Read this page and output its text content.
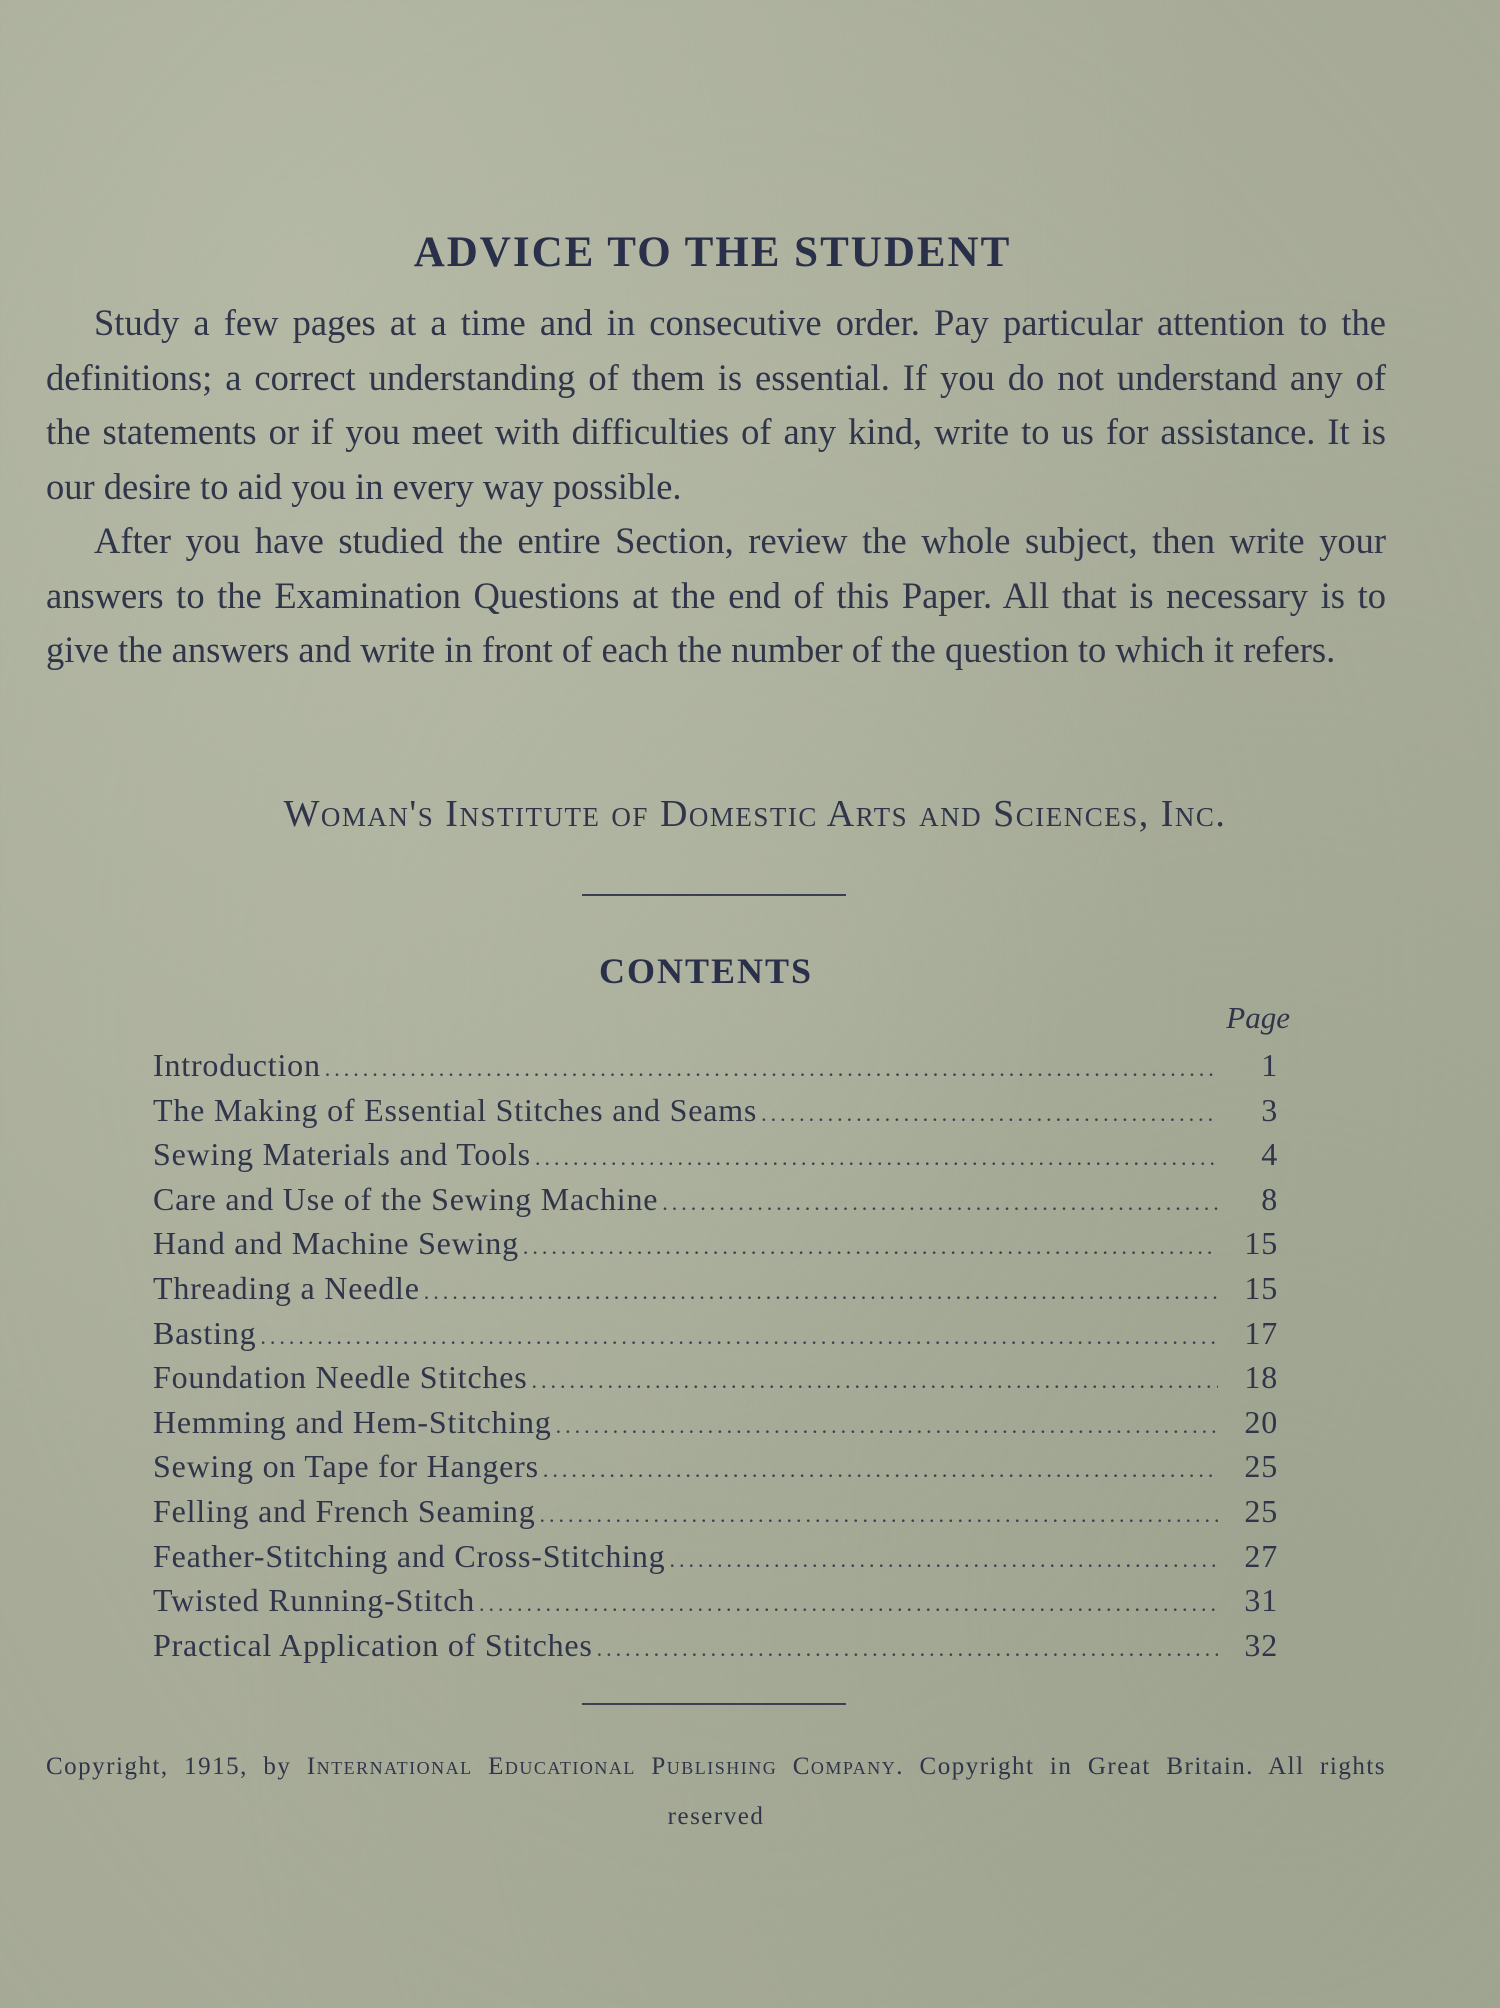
ADVICE TO THE STUDENT

Study a few pages at a time and in consecutive order. Pay particular attention to the definitions; a correct understanding of them is essential. If you do not understand any of the statements or if you meet with difficulties of any kind, write to us for assistance. It is our desire to aid you in every way possible.

After you have studied the entire Section, review the whole subject, then write your answers to the Examination Questions at the end of this Paper. All that is necessary is to give the answers and write in front of each the number of the question to which it refers.

Woman's Institute of Domestic Arts and Sciences, Inc.
CONTENTS
Page
Introduction .....	1
The Making of Essential Stitches and Seams .....	3
Sewing Materials and Tools .....	4
Care and Use of the Sewing Machine .....	8
Hand and Machine Sewing .....	15
Threading a Needle .....	15
Basting .....	17
Foundation Needle Stitches .....	18
Hemming and Hem-Stitching .....	20
Sewing on Tape for Hangers .....	25
Felling and French Seaming .....	25
Feather-Stitching and Cross-Stitching .....	27
Twisted Running-Stitch .....	31
Practical Application of Stitches .....	32
Copyright, 1915, by International Educational Publishing Company. Copyright in Great Britain. All rights reserved
